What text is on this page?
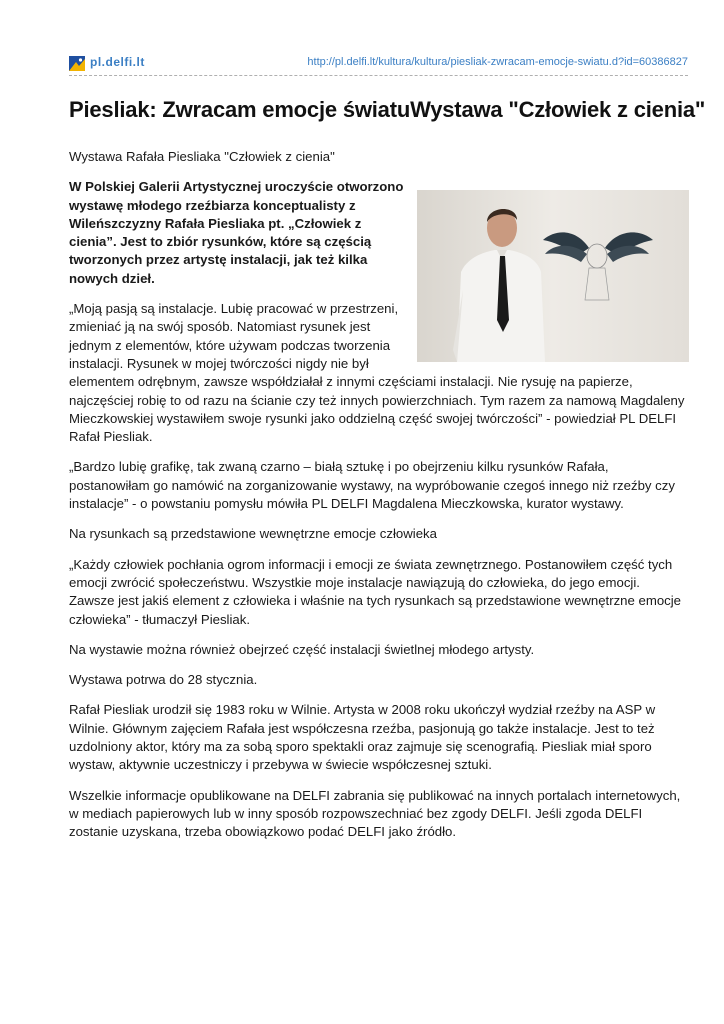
pl.delfi.lt	http://pl.delfi.lt/kultura/kultura/piesliak-zwracam-emocje-swiatu.d?id=60386827
Piesliak: Zwracam emocje światuWystawa "Człowiek z cienia"

Wystawa Rafała Piesliaka "Człowiek z cienia"

W Polskiej Galerii Artystycznej uroczyście otworzono wystawę młodego rzeźbiarza konceptualisty z Wileńszczyzny Rafała Piesliaka pt. „Człowiek z cienia”. Jest to zbiór rysunków, które są częścią tworzonych przez artystę instalacji, jak też kilka nowych dzieł.

„Moją pasją są instalacje. Lubię pracować w przestrzeni, zmieniać ją na swój sposób. Natomiast rysunek jest jednym z elementów, które używam podczas tworzenia instalacji. Rysunek w mojej twórczości nigdy nie był elementem odrębnym, zawsze współdziałał z innymi częściami instalacji. Nie rysuję na papierze, najczęściej robię to od razu na ścianie czy też innych powierzchniach. Tym razem za namową Magdaleny Mieczkowskiej wystawiłem swoje rysunki jako oddzielną część swojej twórczości” - powiedział PL DELFI Rafał Piesliak.

„Bardzo lubię grafikę, tak zwaną czarno – białą sztukę i po obejrzeniu kilku rysunków Rafała, postanowiłam go namówić na zorganizowanie wystawy, na wypróbowanie czegoś innego niż rzeźby czy instalacje” - o powstaniu pomysłu mówiła PL DELFI Magdalena Mieczkowska, kurator wystawy.

Na rysunkach są przedstawione wewnętrzne emocje człowieka

„Każdy człowiek pochłania ogrom informacji i emocji ze świata zewnętrznego. Postanowiłem część tych emocji zwrócić społeczeństwu. Wszystkie moje instalacje nawiązują do człowieka, do jego emocji. Zawsze jest jakiś element z człowieka i właśnie na tych rysunkach są przedstawione wewnętrzne emocje człowieka” - tłumaczył Piesliak.

Na wystawie można również obejrzeć część instalacji świetlnej młodego artysty.

Wystawa potrwa do 28 stycznia.

Rafał Piesliak urodził się 1983 roku w Wilnie. Artysta w 2008 roku ukończył wydział rzeźby na ASP w Wilnie. Głównym zajęciem Rafała jest współczesna rzeźba, pasjonują go także instalacje. Jest to też uzdolniony aktor, który ma za sobą sporo spektakli oraz zajmuje się scenografią. Piesliak miał sporo wystaw, aktywnie uczestniczy i przebywa w świecie współczesnej sztuki.

Wszelkie informacje opublikowane na DELFI zabrania się publikować na innych portalach internetowych, w mediach papierowych lub w inny sposób rozpowszechniać bez zgody DELFI. Jeśli zgoda DELFI zostanie uzyskana, trzeba obowiązkowo podać DELFI jako źródło.
